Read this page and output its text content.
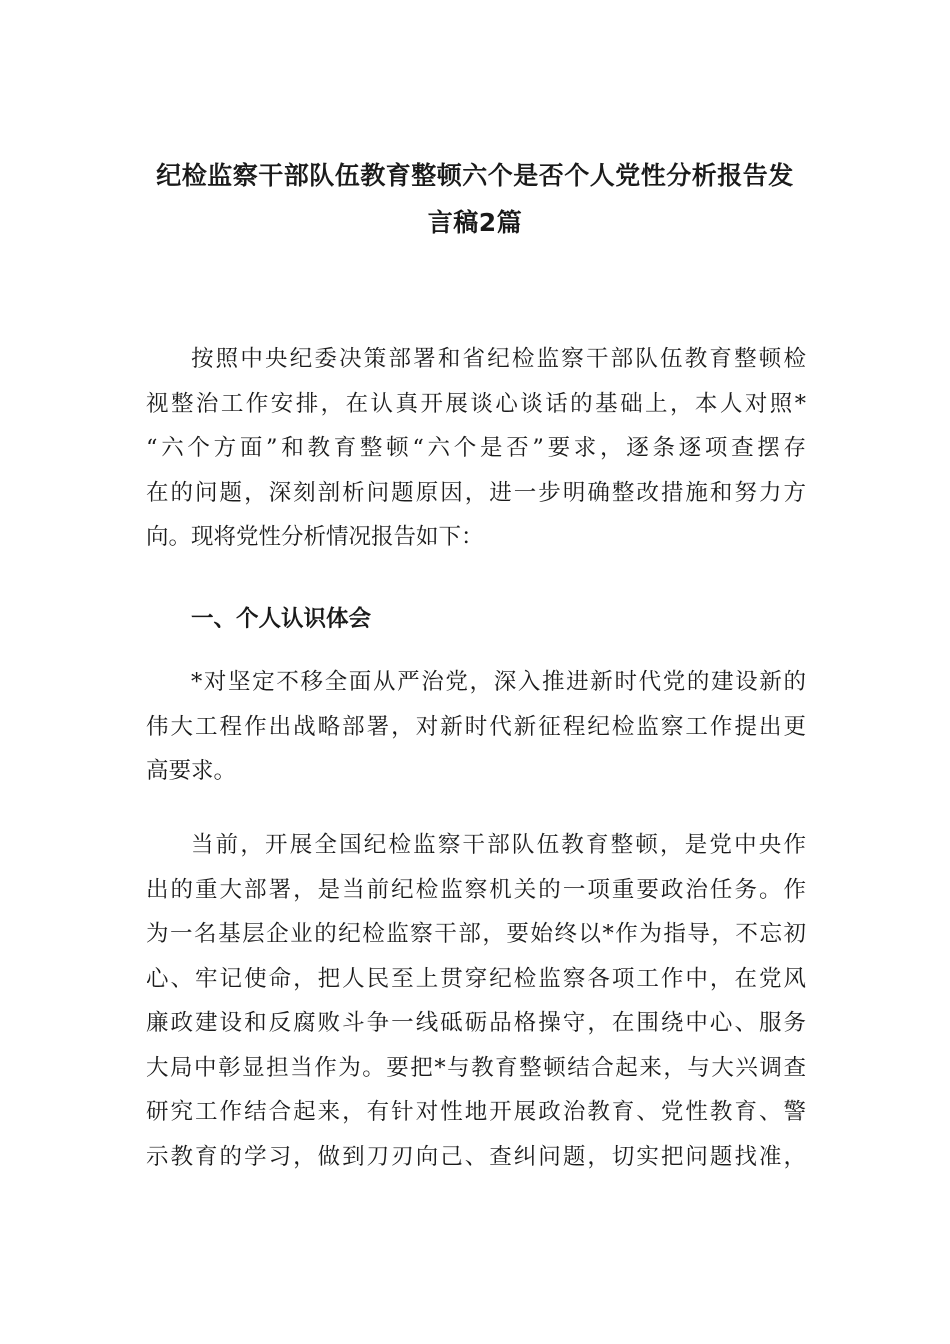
纪检监察干部队伍教育整顿六个是否个人党性分析报告发
言稿2篇
按照中央纪委决策部署和省纪检监察干部队伍教育整顿检
视整治工作安排，在认真开展谈心谈话的基础上，本人对照*
“六个方面”和教育整顿“六个是否”要求，逐条逐项查摆存
在的问题，深刻剖析问题原因，进一步明确整改措施和努力方
向。现将党性分析情况报告如下：
一、个人认识体会
*对坚定不移全面从严治党，深入推进新时代党的建设新的
伟大工程作出战略部署，对新时代新征程纪检监察工作提出更
高要求。
当前，开展全国纪检监察干部队伍教育整顿，是党中央作
出的重大部署，是当前纪检监察机关的一项重要政治任务。作
为一名基层企业的纪检监察干部，要始终以*作为指导，不忘初
心、牢记使命，把人民至上贯穿纪检监察各项工作中，在党风
廉政建设和反腐败斗争一线砥砺品格操守，在围绕中心、服务
大局中彰显担当作为。要把*与教育整顿结合起来，与大兴调查
研究工作结合起来，有针对性地开展政治教育、党性教育、警
示教育的学习，做到刀刃向己、查纠问题，切实把问题找准，
